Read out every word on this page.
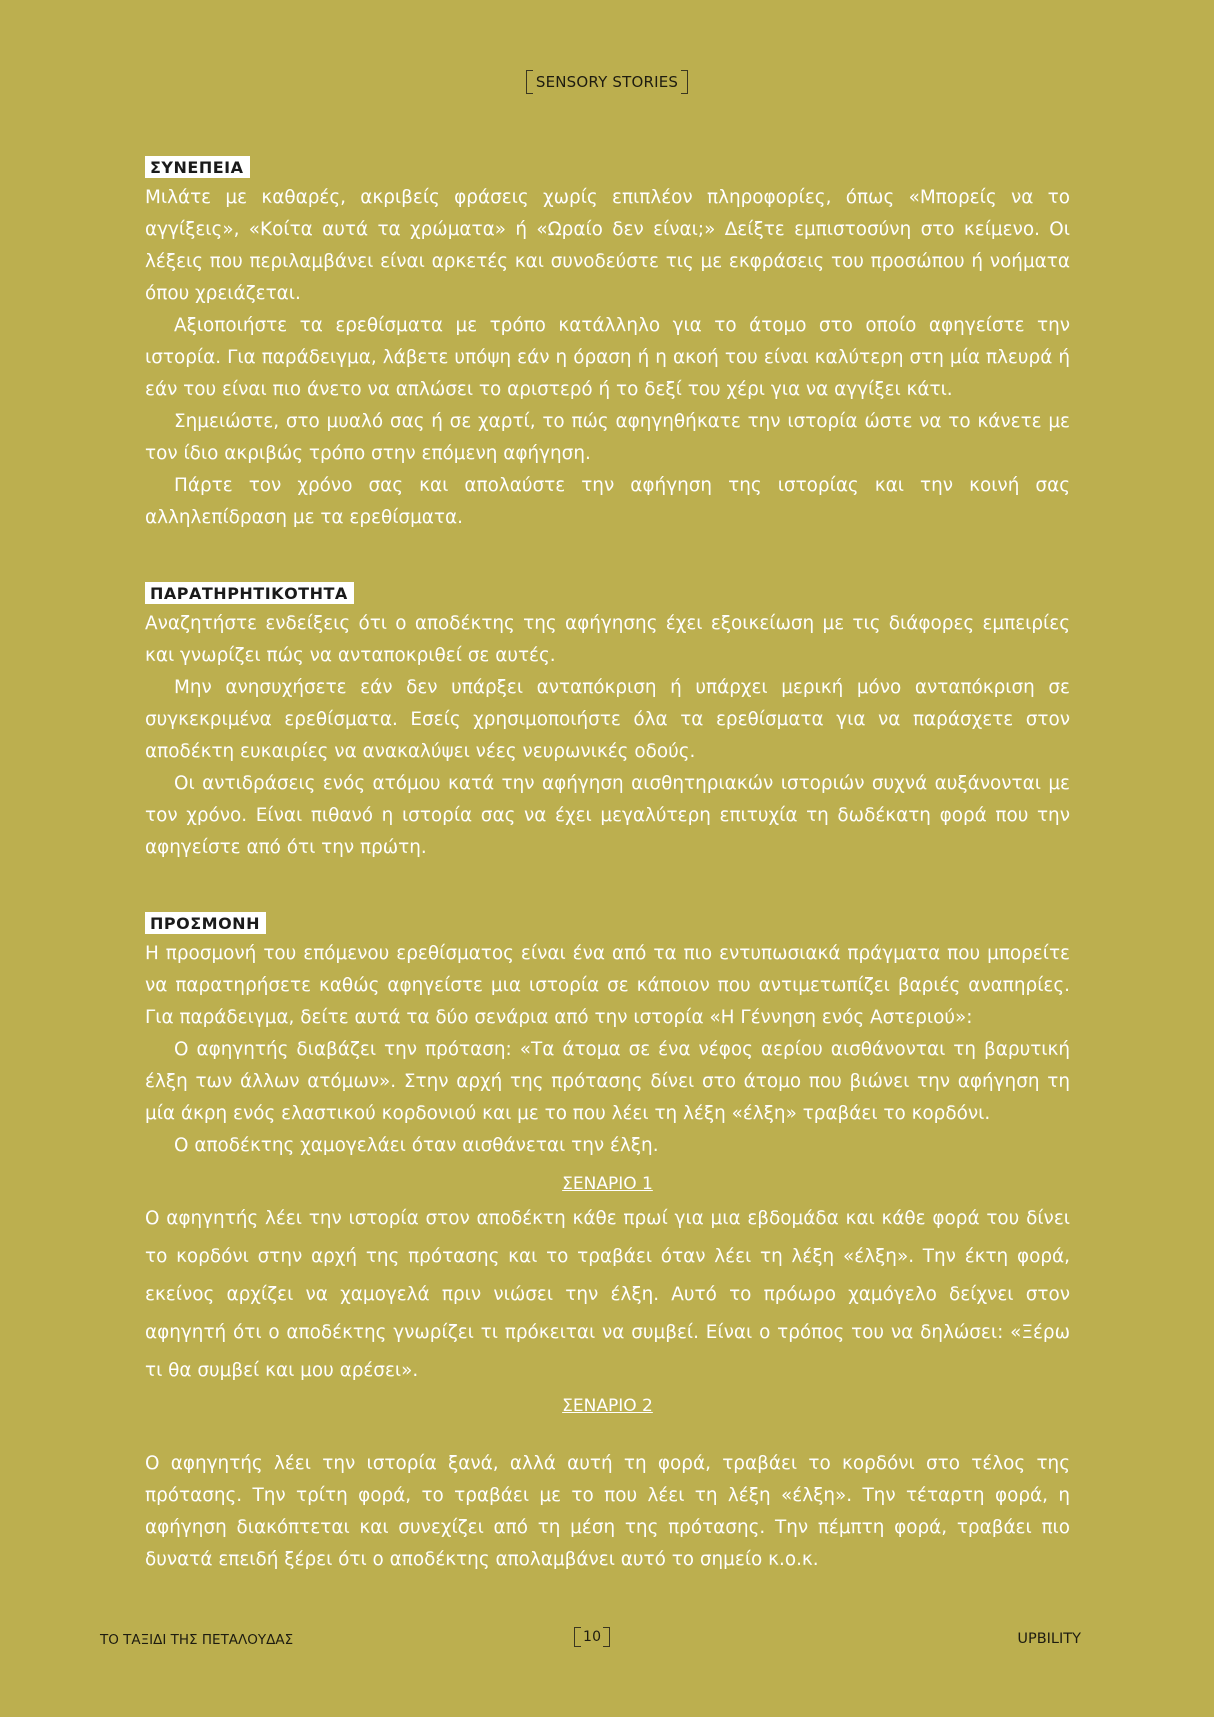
SENSORY STORIES
ΣΥΝΕΠΕΙΑ

Μιλάτε με καθαρές, ακριβείς φράσεις χωρίς επιπλέον πληροφορίες, όπως «Μπορείς να το αγγίξεις», «Κοίτα αυτά τα χρώματα» ή «Ωραίο δεν είναι;» Δείξτε εμπιστοσύνη στο κείμενο. Οι λέξεις που περιλαμβάνει είναι αρκετές και συνοδεύστε τις με εκφράσεις του προσώπου ή νοήματα όπου χρειάζεται.

Αξιοποιήστε τα ερεθίσματα με τρόπο κατάλληλο για το άτομο στο οποίο αφηγείστε την ιστορία. Για παράδειγμα, λάβετε υπόψη εάν η όραση ή η ακοή του είναι καλύτερη στη μία πλευρά ή εάν του είναι πιο άνετο να απλώσει το αριστερό ή το δεξί του χέρι για να αγγίξει κάτι.

Σημειώστε, στο μυαλό σας ή σε χαρτί, το πώς αφηγηθήκατε την ιστορία ώστε να το κάνετε με τον ίδιο ακριβώς τρόπο στην επόμενη αφήγηση.

Πάρτε τον χρόνο σας και απολαύστε την αφήγηση της ιστορίας και την κοινή σας αλληλεπίδραση με τα ερεθίσματα.

ΠΑΡΑΤΗΡΗΤΙΚΟΤΗΤΑ

Αναζητήστε ενδείξεις ότι ο αποδέκτης της αφήγησης έχει εξοικείωση με τις διάφορες εμπειρίες και γνωρίζει πώς να ανταποκριθεί σε αυτές.

Μην ανησυχήσετε εάν δεν υπάρξει ανταπόκριση ή υπάρχει μερική μόνο ανταπόκριση σε συγκεκριμένα ερεθίσματα. Εσείς χρησιμοποιήστε όλα τα ερεθίσματα για να παράσχετε στον αποδέκτη ευκαιρίες να ανακαλύψει νέες νευρωνικές οδούς.

Οι αντιδράσεις ενός ατόμου κατά την αφήγηση αισθητηριακών ιστοριών συχνά αυξάνονται με τον χρόνο. Είναι πιθανό η ιστορία σας να έχει μεγαλύτερη επιτυχία τη δωδέκατη φορά που την αφηγείστε από ότι την πρώτη.

ΠΡΟΣΜΟΝΗ

Η προσμονή του επόμενου ερεθίσματος είναι ένα από τα πιο εντυπωσιακά πράγματα που μπορείτε να παρατηρήσετε καθώς αφηγείστε μια ιστορία σε κάποιον που αντιμετωπίζει βαριές αναπηρίες. Για παράδειγμα, δείτε αυτά τα δύο σενάρια από την ιστορία «Η Γέννηση ενός Αστεριού»:

Ο αφηγητής διαβάζει την πρόταση: «Τα άτομα σε ένα νέφος αερίου αισθάνονται τη βαρυτική έλξη των άλλων ατόμων». Στην αρχή της πρότασης δίνει στο άτομο που βιώνει την αφήγηση τη μία άκρη ενός ελαστικού κορδονιού και με το που λέει τη λέξη «έλξη» τραβάει το κορδόνι.

Ο αποδέκτης χαμογελάει όταν αισθάνεται την έλξη.

ΣΕΝΑΡΙΟ 1

Ο αφηγητής λέει την ιστορία στον αποδέκτη κάθε πρωί για μια εβδομάδα και κάθε φορά του δίνει το κορδόνι στην αρχή της πρότασης και το τραβάει όταν λέει τη λέξη «έλξη». Την έκτη φορά, εκείνος αρχίζει να χαμογελά πριν νιώσει την έλξη. Αυτό το πρόωρο χαμόγελο δείχνει στον αφηγητή ότι ο αποδέκτης γνωρίζει τι πρόκειται να συμβεί. Είναι ο τρόπος του να δηλώσει: «Ξέρω τι θα συμβεί και μου αρέσει».

ΣΕΝΑΡΙΟ 2

Ο αφηγητής λέει την ιστορία ξανά, αλλά αυτή τη φορά, τραβάει το κορδόνι στο τέλος της πρότασης. Την τρίτη φορά, το τραβάει με το που λέει τη λέξη «έλξη». Την τέταρτη φορά, η αφήγηση διακόπτεται και συνεχίζει από τη μέση της πρότασης. Την πέμπτη φορά, τραβάει πιο δυνατά επειδή ξέρει ότι ο αποδέκτης απολαμβάνει αυτό το σημείο κ.ο.κ.

ΤΟ ΤΑΞΙΔΙ ΤΗΣ ΠΕΤΑΛΟΥΔΑΣ	10	UPBILITY
